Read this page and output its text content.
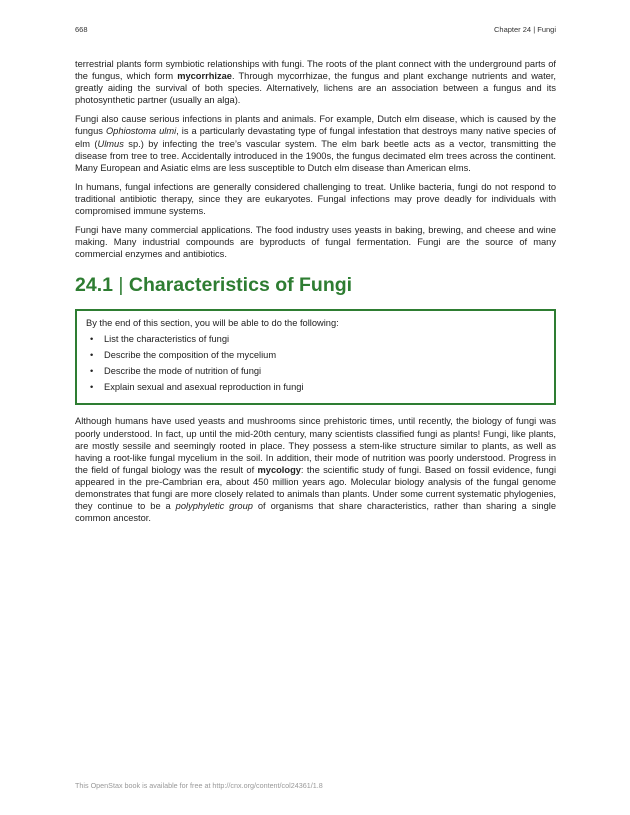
668	Chapter 24 | Fungi

terrestrial plants form symbiotic relationships with fungi. The roots of the plant connect with the underground parts of the fungus, which form mycorrhizae. Through mycorrhizae, the fungus and plant exchange nutrients and water, greatly aiding the survival of both species. Alternatively, lichens are an association between a fungus and its photosynthetic partner (usually an alga).

Fungi also cause serious infections in plants and animals. For example, Dutch elm disease, which is caused by the fungus Ophiostoma ulmi, is a particularly devastating type of fungal infestation that destroys many native species of elm (Ulmus sp.) by infecting the tree’s vascular system. The elm bark beetle acts as a vector, transmitting the disease from tree to tree. Accidentally introduced in the 1900s, the fungus decimated elm trees across the continent. Many European and Asiatic elms are less susceptible to Dutch elm disease than American elms.

In humans, fungal infections are generally considered challenging to treat. Unlike bacteria, fungi do not respond to traditional antibiotic therapy, since they are eukaryotes. Fungal infections may prove deadly for individuals with compromised immune systems.

Fungi have many commercial applications. The food industry uses yeasts in baking, brewing, and cheese and wine making. Many industrial compounds are byproducts of fungal fermentation. Fungi are the source of many commercial enzymes and antibiotics.

24.1 | Characteristics of Fungi
By the end of this section, you will be able to do the following:
• List the characteristics of fungi
• Describe the composition of the mycelium
• Describe the mode of nutrition of fungi
• Explain sexual and asexual reproduction in fungi

Although humans have used yeasts and mushrooms since prehistoric times, until recently, the biology of fungi was poorly understood. In fact, up until the mid-20th century, many scientists classified fungi as plants! Fungi, like plants, are mostly sessile and seemingly rooted in place. They possess a stem-like structure similar to plants, as well as having a root-like fungal mycelium in the soil. In addition, their mode of nutrition was poorly understood. Progress in the field of fungal biology was the result of mycology: the scientific study of fungi. Based on fossil evidence, fungi appeared in the pre-Cambrian era, about 450 million years ago. Molecular biology analysis of the fungal genome demonstrates that fungi are more closely related to animals than plants. Under some current systematic phylogenies, they continue to be a polyphyletic group of organisms that share characteristics, rather than sharing a single common ancestor.

This OpenStax book is available for free at http://cnx.org/content/col24361/1.8
